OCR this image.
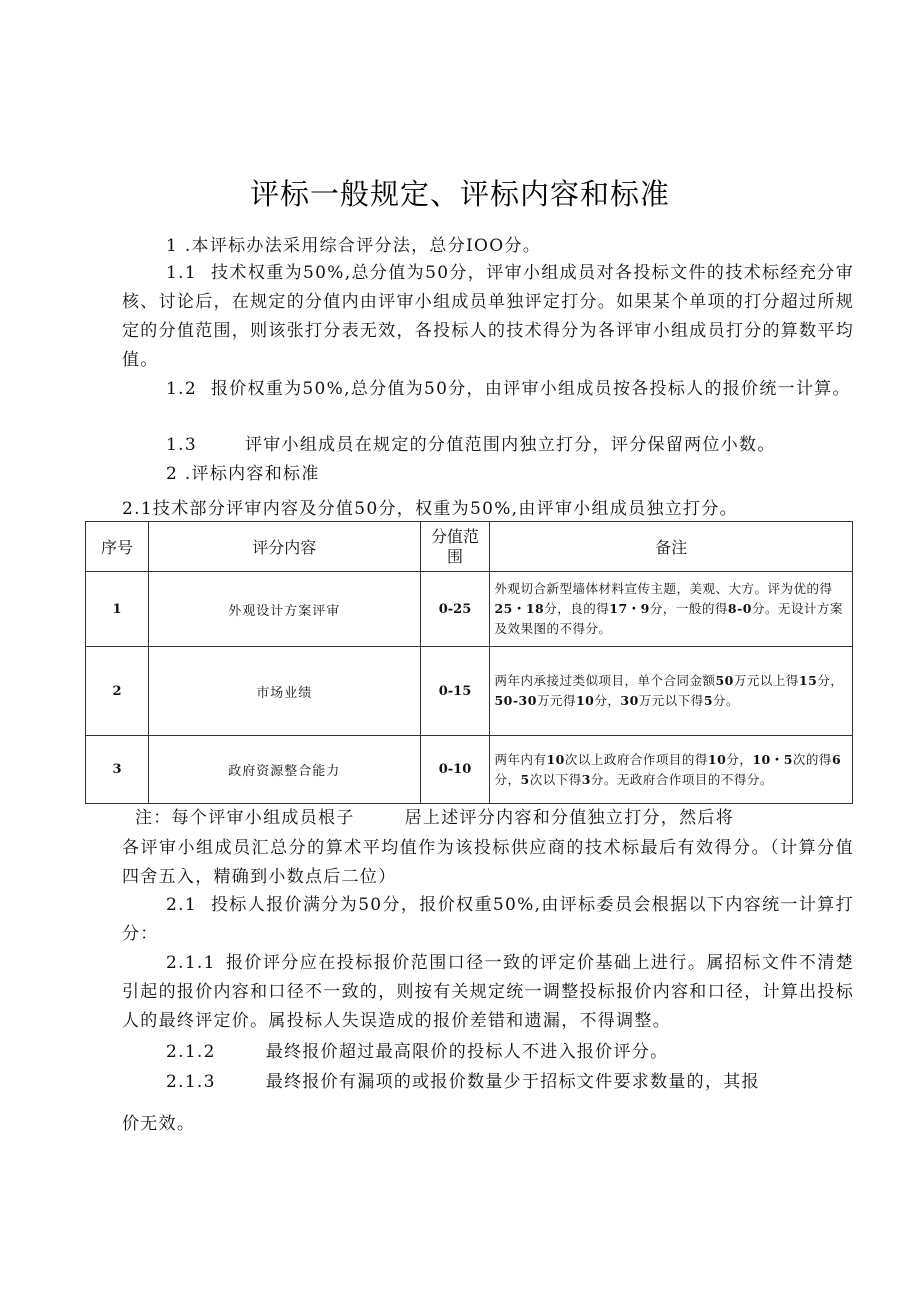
评标一般规定、评标内容和标准
1 .本评标办法采用综合评分法，总分IOO分。
1.1 技术权重为50%,总分值为50分，评审小组成员对各投标文件的技术标经充分审核、讨论后，在规定的分值内由评审小组成员单独评定打分。如果某个单项的打分超过所规定的分值范围，则该张打分表无效，各投标人的技术得分为各评审小组成员打分的算数平均值。
1.2 报价权重为50%,总分值为50分，由评审小组成员按各投标人的报价统一计算。
1.3	评审小组成员在规定的分值范围内独立打分，评分保留两位小数。
2 .评标内容和标准
2.1技术部分评审内容及分值50分，权重为50%,由评审小组成员独立打分。
序号	评分内容	分值范围	备注
1	外观设计方案评审	0-25	外观切合新型墙体材料宣传主题，美观、大方。评为优的得25・18分，良的得17・9分，一般的得8-0分。无设计方案及效果图的不得分。
2	市场业绩	0-15	两年内承接过类似项目，单个合同金额50万元以上得15分，50-30万元得10分，30万元以下得5分。
3	政府资源整合能力	0-10	两年内有10次以上政府合作项目的得10分，10・5次的得6分，5次以下得3分。无政府合作项目的不得分。
注：每个评审小组成员根子	居上述评分内容和分值独立打分，然后将
各评审小组成员汇总分的算术平均值作为该投标供应商的技术标最后有效得分。（计算分值四舍五入，精确到小数点后二位）
2.1 投标人报价满分为50分，报价权重50%,由评标委员会根据以下内容统一计算打分：
2.1.1 报价评分应在投标报价范围口径一致的评定价基础上进行。属招标文件不清楚引起的报价内容和口径不一致的，则按有关规定统一调整投标报价内容和口径，计算出投标人的最终评定价。属投标人失误造成的报价差错和遗漏，不得调整。
2.1.2	最终报价超过最高限价的投标人不进入报价评分。
2.1.3	最终报价有漏项的或报价数量少于招标文件要求数量的，其报
价无效。
